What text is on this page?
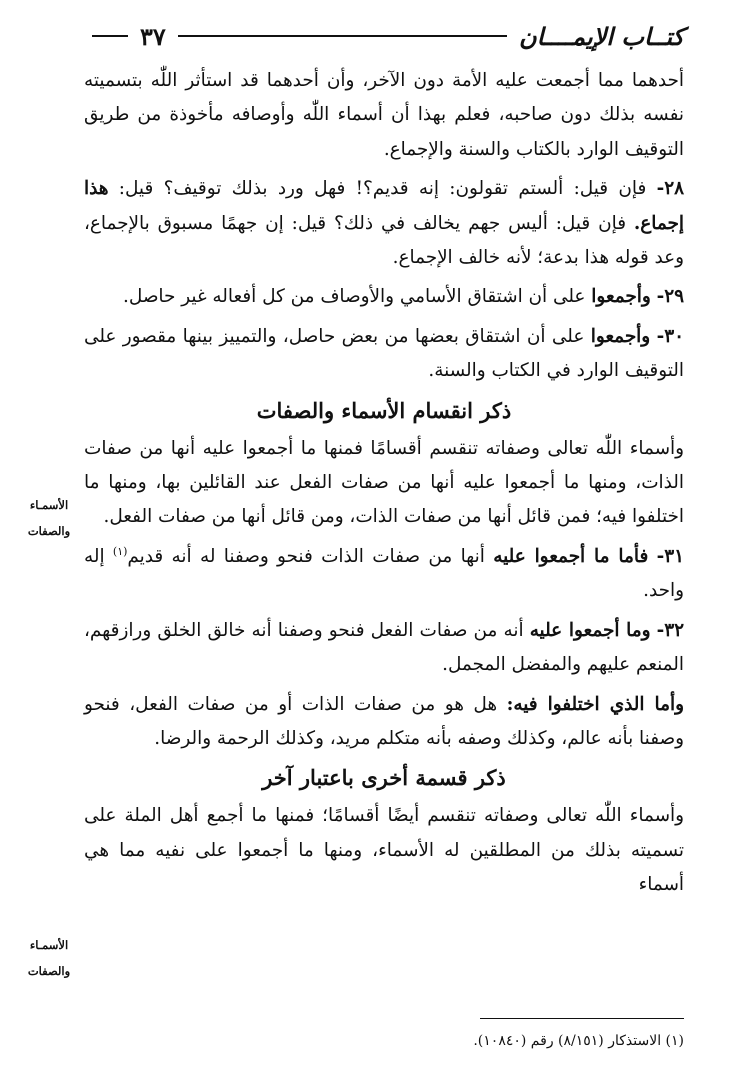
كتــاب الإيمــــان
٣٧

أحدهما مما أجمعت عليه الأمة دون الآخر، وأن أحدهما قد استأثر اللّٰه بتسميته نفسه بذلك دون صاحبه، فعلم بهذا أن أسماء اللّٰه وأوصافه مأخوذة من طريق التوقيف الوارد بالكتاب والسنة والإجماع.

٢٨- فإن قيل: ألستم تقولون: إنه قديم؟! فهل ورد بذلك توقيف؟ قيل: هذا إجماع. فإن قيل: أليس جهم يخالف في ذلك؟ قيل: إن جهمًا مسبوق بالإجماع، وعد قوله هذا بدعة؛ لأنه خالف الإجماع.

٢٩- وأجمعوا على أن اشتقاق الأسامي والأوصاف من كل أفعاله غير حاصل.

٣٠- وأجمعوا على أن اشتقاق بعضها من بعض حاصل، والتمييز بينها مقصور على التوقيف الوارد في الكتاب والسنة.

ذكر انقسام الأسماء والصفات

وأسماء اللّٰه تعالى وصفاته تنقسم أقسامًا فمنها ما أجمعوا عليه أنها من صفات الذات، ومنها ما أجمعوا عليه أنها من صفات الفعل عند القائلين بها، ومنها ما اختلفوا فيه؛ فمن قائل أنها من صفات الذات، ومن قائل أنها من صفات الفعل.

٣١- فأما ما أجمعوا عليه أنها من صفات الذات فنحو وصفنا له أنه قديم$^{(١)}$ إله واحد.

٣٢- وما أجمعوا عليه أنه من صفات الفعل فنحو وصفنا أنه خالق الخلق ورازقهم، المنعم عليهم والمفضل المجمل.

وأما الذي اختلفوا فيه: هل هو من صفات الذات أو من صفات الفعل، فنحو وصفنا بأنه عالم، وكذلك وصفه بأنه متكلم مريد، وكذلك الرحمة والرضا.

ذكر قسمة أخرى باعتبار آخر

وأسماء اللّٰه تعالى وصفاته تنقسم أيضًا أقسامًا؛ فمنها ما أجمع أهل الملة على تسميته بذلك من المطلقين له الأسماء، ومنها ما أجمعوا على نفيه مما هي أسماء

الأسمـاء
والصفات
الأسمـاء
والصفات
(١) الاستذكار (٨/١٥١) رقم (١٠٨٤٠).
